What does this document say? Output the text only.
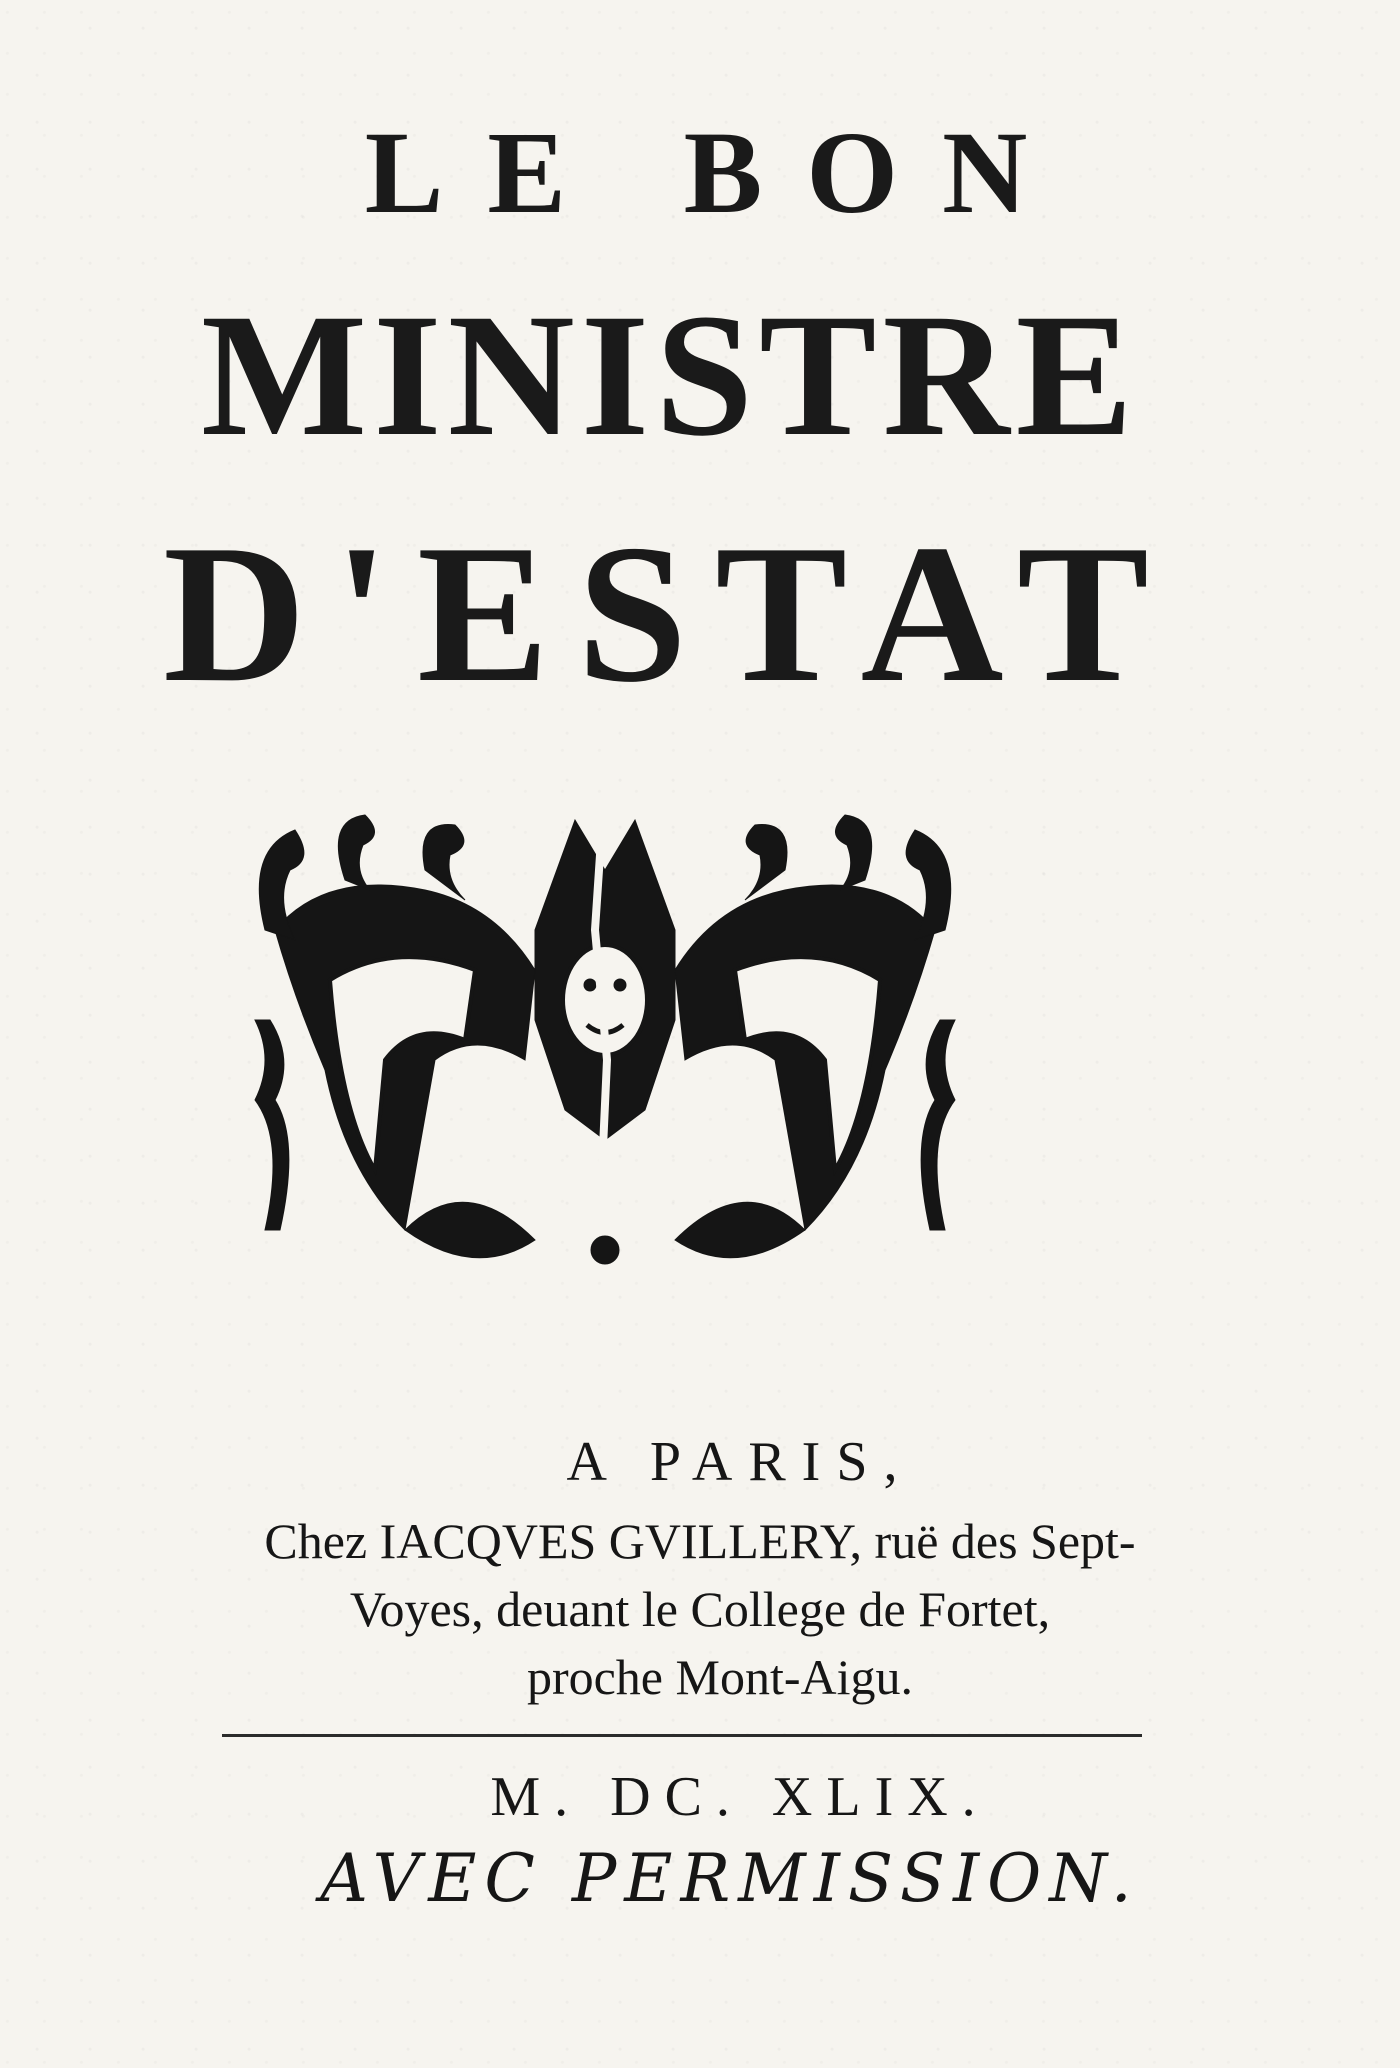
LE BON
MINISTRE
D'ESTAT
A PARIS,
Chez IACQVES GVILLERY, ruë des Sept-
Voyes, deuant le College de Fortet,
proche Mont-Aigu.
M. DC. XLIX.
AVEC PERMISSION.
